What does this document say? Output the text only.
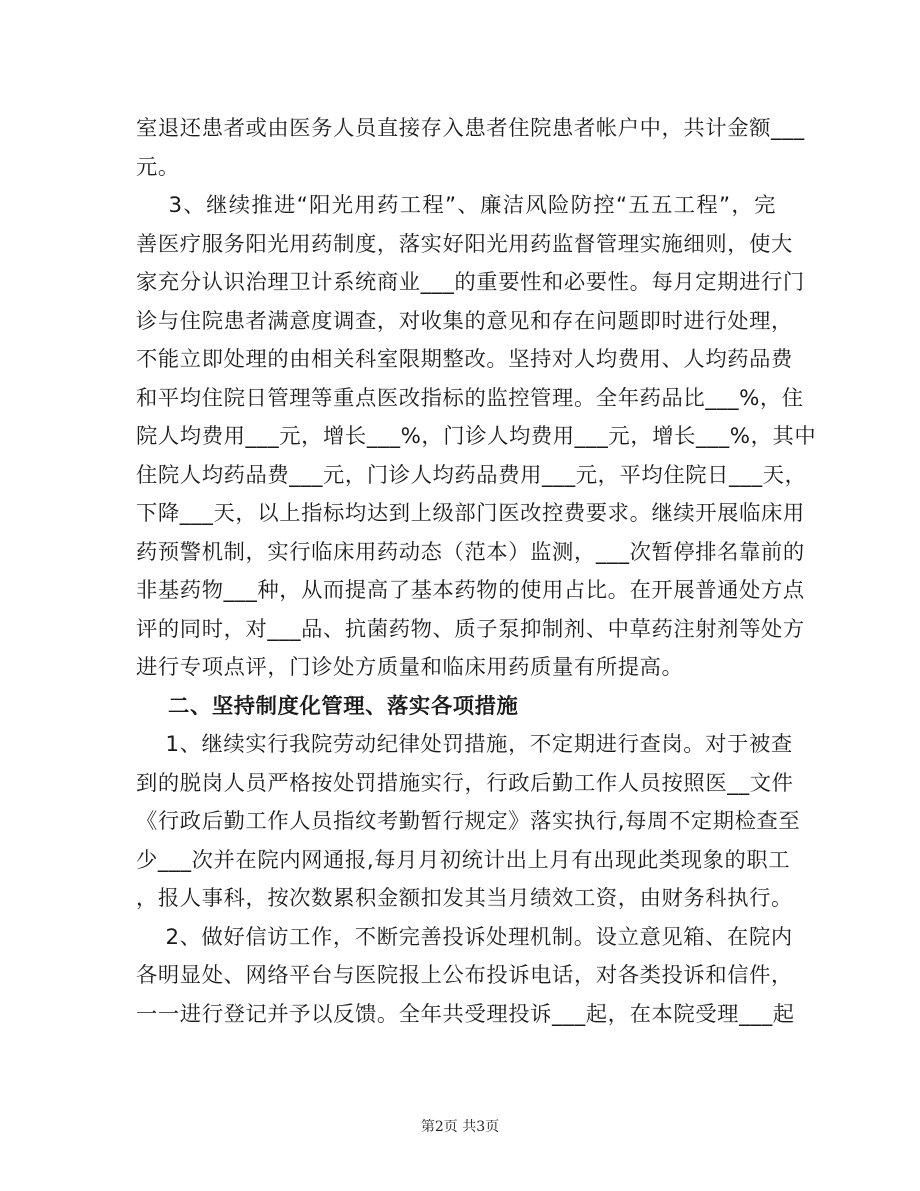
室退还患者或由医务人员直接存入患者住院患者帐户中，共计金额___
元。
3、继续推进“阳光用药工程”、廉洁风险防控“五五工程”，完
善医疗服务阳光用药制度，落实好阳光用药监督管理实施细则，使大
家充分认识治理卫计系统商业___的重要性和必要性。每月定期进行门
诊与住院患者满意度调查，对收集的意见和存在问题即时进行处理，
不能立即处理的由相关科室限期整改。坚持对人均费用、人均药品费
和平均住院日管理等重点医改指标的监控管理。全年药品比___%，住
院人均费用___元，增长___%，门诊人均费用___元，增长___%，其中
住院人均药品费___元，门诊人均药品费用___元，平均住院日___天，
下降___天，以上指标均达到上级部门医改控费要求。继续开展临床用
药预警机制，实行临床用药动态（范本）监测，___次暂停排名靠前的
非基药物___种，从而提高了基本药物的使用占比。在开展普通处方点
评的同时，对___品、抗菌药物、质子泵抑制剂、中草药注射剂等处方
进行专项点评，门诊处方质量和临床用药质量有所提高。
二、坚持制度化管理、落实各项措施
1、继续实行我院劳动纪律处罚措施，不定期进行查岗。对于被查
到的脱岗人员严格按处罚措施实行，行政后勤工作人员按照医__文件
《行政后勤工作人员指纹考勤暂行规定》落实执行,每周不定期检查至
少___次并在院内网通报,每月月初统计出上月有出现此类现象的职工
，报人事科，按次数累积金额扣发其当月绩效工资，由财务科执行。
2、做好信访工作，不断完善投诉处理机制。设立意见箱、在院内
各明显处、网络平台与医院报上公布投诉电话，对各类投诉和信件，
一一进行登记并予以反馈。全年共受理投诉___起，在本院受理___起
第2页 共3页
